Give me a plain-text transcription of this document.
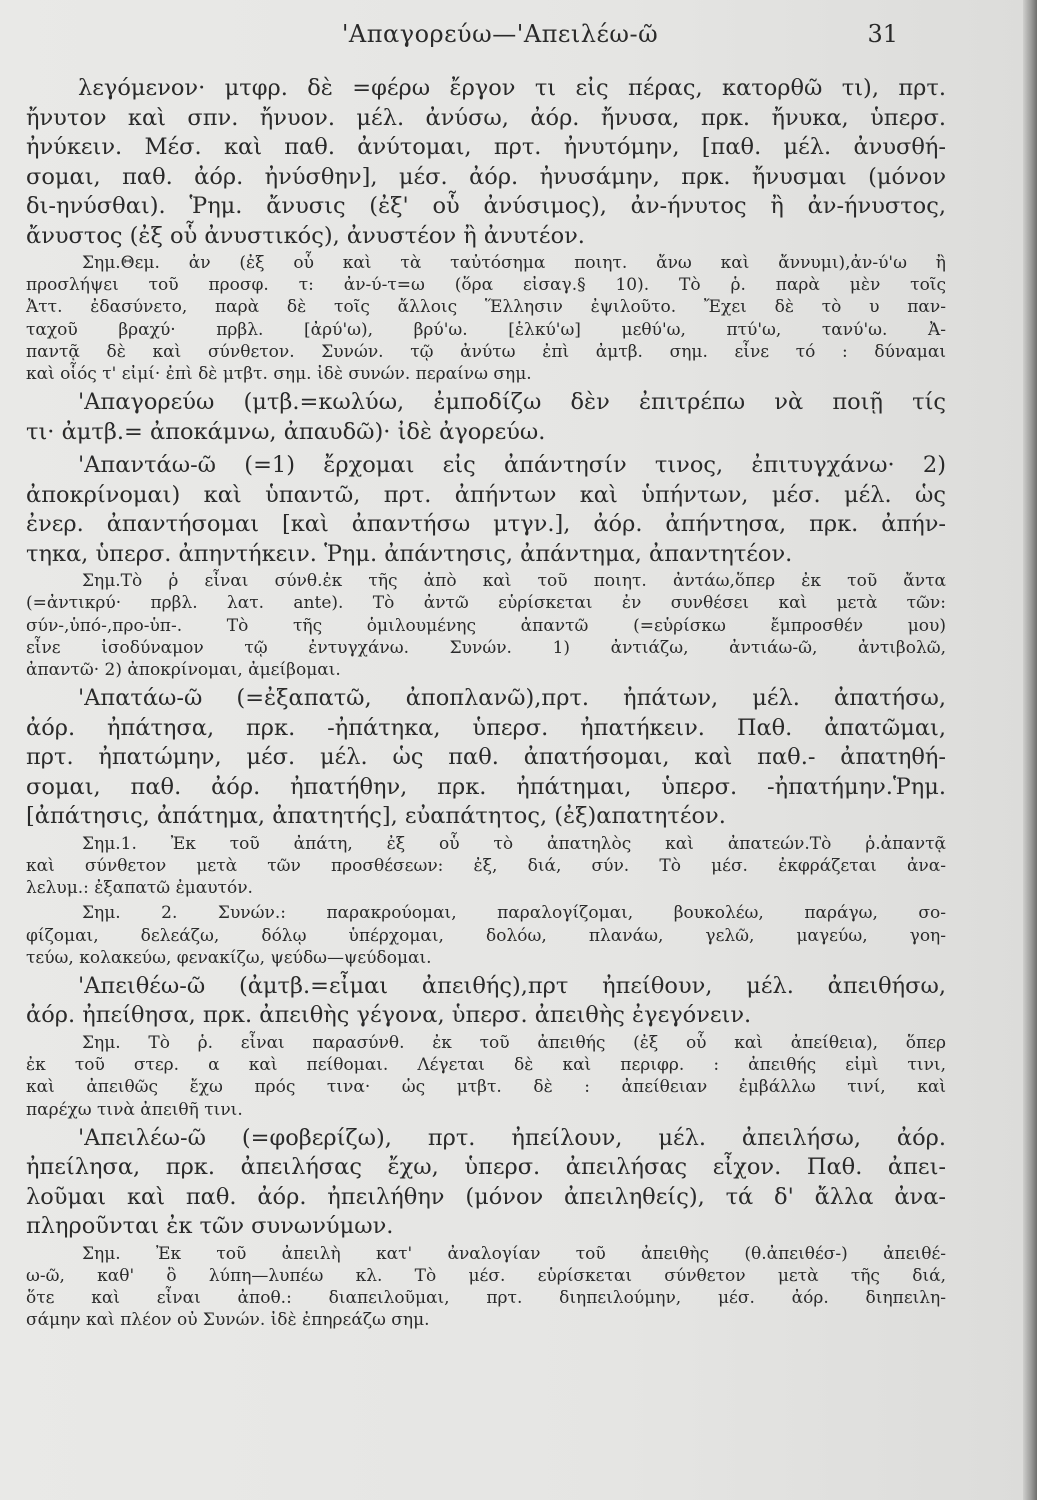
'Απαγορεύω—'Απειλέω-ῶ	31
λεγόμενον· μτφρ. δὲ =φέρω ἔργον τι εἰς πέρας, κατορθῶ τι), πρτ.
ἤνυτον καὶ σπν. ἤνυον. μέλ. ἀνύσω, ἀόρ. ἤνυσα, πρκ. ἤνυκα, ὑπερσ.
ἠνύκειν. Μέσ. καὶ παθ. ἀνύτομαι, πρτ. ἠνυτόμην, [παθ. μέλ. ἀνυσθή-
σομαι, παθ. ἀόρ. ἠνύσθην], μέσ. ἀόρ. ἠνυσάμην, πρκ. ἤνυσμαι (μόνον
δι-ηνύσθαι). Ῥημ. ἄνυσις (ἐξ' οὗ ἀνύσιμος), ἀν-ήνυτος ἢ ἀν-ήνυστος,
ἄνυστος (ἐξ οὗ ἀνυστικός), ἀνυστέον ἢ ἀνυτέον.
Σημ.Θεμ. ἀν (ἐξ οὗ καὶ τὰ ταὐτόσημα ποιητ. ἄνω καὶ ἄννυμι),ἀν-ύ'ω ἢ
προσλήψει τοῦ προσφ. τ: ἀν-ύ-τ=ω (ὅρα εἰσαγ.§ 10). Τὸ ῥ. παρὰ μὲν τοῖς
Ἀττ. ἐδασύνετο, παρὰ δὲ τοῖς ἄλλοις Ἕλλησιν ἐψιλοῦτο. Ἔχει δὲ τὸ υ παν-
ταχοῦ βραχύ· πρβλ. [ἀρύ'ω), βρύ'ω. [ἑλκύ'ω] μεθύ'ω, πτύ'ω, τανύ'ω. Ἀ-
παντᾷ δὲ καὶ σύνθετον. Συνών. τῷ ἀνύτω ἐπὶ ἀμτβ. σημ. εἶνε τό : δύναμαι
καὶ οἷός τ' εἰμί· ἐπὶ δὲ μτβτ. σημ. ἰδὲ συνών. περαίνω σημ.
'Απαγορεύω (μτβ.=κωλύω, ἐμποδίζω δὲν ἐπιτρέπω νὰ ποιῇ τίς
τι· ἀμτβ.= ἀποκάμνω, ἀπαυδῶ)· ἰδὲ ἀγορεύω.
'Απαντάω-ῶ (=1) ἔρχομαι εἰς ἀπάντησίν τινος, ἐπιτυγχάνω· 2)
ἀποκρίνομαι) καὶ ὑπαντῶ, πρτ. ἀπήντων καὶ ὑπήντων, μέσ. μέλ. ὡς
ἐνερ. ἀπαντήσομαι [καὶ ἀπαντήσω μτγν.], ἀόρ. ἀπήντησα, πρκ. ἀπήν-
τηκα, ὑπερσ. ἀπηντήκειν. Ῥημ. ἀπάντησις, ἀπάντημα, ἀπαντητέον.
Σημ.Τὸ ῥ εἶναι σύνθ.ἐκ τῆς ἀπὸ καὶ τοῦ ποιητ. ἀντάω,ὅπερ ἐκ τοῦ ἄντα
(=ἀντικρύ· πρβλ. λατ. ante). Τὸ ἀντῶ εὑρίσκεται ἐν συνθέσει καὶ μετὰ τῶν:
σύν-,ὑπό-,προ-ὑπ-. Τὸ τῆς ὁμιλουμένης ἀπαντῶ (=εὑρίσκω ἔμπροσθέν μου)
εἶνε ἰσοδύναμον τῷ ἐντυγχάνω. Συνών. 1) ἀντιάζω, ἀντιάω-ῶ, ἀντιβολῶ,
ἀπαντῶ· 2) ἀποκρίνομαι, ἀμείβομαι.
'Απατάω-ῶ (=ἐξαπατῶ, ἀποπλανῶ),πρτ. ἠπάτων, μέλ. ἀπατήσω,
ἀόρ. ἠπάτησα, πρκ. -ἠπάτηκα, ὑπερσ. ἠπατήκειν. Παθ. ἀπατῶμαι,
πρτ. ἠπατώμην, μέσ. μέλ. ὡς παθ. ἀπατήσομαι, καὶ παθ.- ἀπατηθή-
σομαι, παθ. ἀόρ. ἠπατήθην, πρκ. ἠπάτημαι, ὑπερσ. -ἠπατήμην.Ῥημ.
[ἀπάτησις, ἀπάτημα, ἀπατητής], εὐαπάτητος, (ἐξ)απατητέον.
Σημ.1. Ἐκ τοῦ ἀπάτη, ἐξ οὗ τὸ ἀπατηλὸς καὶ ἀπατεών.Τὸ ῥ.ἀπαντᾷ
καὶ σύνθετον μετὰ τῶν προσθέσεων: ἐξ, διά, σύν. Τὸ μέσ. ἐκφράζεται ἀνα-
λελυμ.: ἐξαπατῶ ἐμαυτόν.
Σημ. 2. Συνών.: παρακρούομαι, παραλογίζομαι, βουκολέω, παράγω, σο-
φίζομαι, δελεάζω, δόλῳ ὑπέρχομαι, δολόω, πλανάω, γελῶ, μαγεύω, γοη-
τεύω, κολακεύω, φενακίζω, ψεύδω—ψεύδομαι.
'Απειθέω-ῶ (ἀμτβ.=εἶμαι ἀπειθής),πρτ ἠπείθουν, μέλ. ἀπειθήσω,
ἀόρ. ἠπείθησα, πρκ. ἀπειθὴς γέγονα, ὑπερσ. ἀπειθὴς ἐγεγόνειν.
Σημ. Τὸ ῥ. εἶναι παρασύνθ. ἐκ τοῦ ἀπειθής (ἐξ οὗ καὶ ἀπείθεια), ὅπερ
ἐκ τοῦ στερ. α καὶ πείθομαι. Λέγεται δὲ καὶ περιφρ. : ἀπειθής εἰμὶ τινι,
καὶ ἀπειθῶς ἔχω πρός τινα· ὡς μτβτ. δὲ : ἀπείθειαν ἐμβάλλω τινί, καὶ
παρέχω τινὰ ἀπειθῆ τινι.
'Απειλέω-ῶ (=φοβερίζω), πρτ. ἠπείλουν, μέλ. ἀπειλήσω, ἀόρ.
ἠπείλησα, πρκ. ἀπειλήσας ἔχω, ὑπερσ. ἀπειλήσας εἶχον. Παθ. ἀπει-
λοῦμαι καὶ παθ. ἀόρ. ἠπειλήθην (μόνον ἀπειληθείς), τά δ' ἄλλα ἀνα-
πληροῦνται ἐκ τῶν συνωνύμων.
Σημ. Ἐκ τοῦ ἀπειλὴ κατ' ἀναλογίαν τοῦ ἀπειθὴς (θ.ἀπειθέσ-) ἀπειθέ-
ω-ῶ, καθ' ὃ λύπη—λυπέω κλ. Τὸ μέσ. εὑρίσκεται σύνθετον μετὰ τῆς διά,
ὅτε καὶ εἶναι ἀποθ.: διαπειλοῦμαι, πρτ. διηπειλούμην, μέσ. ἀόρ. διηπειλη-
σάμην καὶ πλέον οὐ Συνών. ἰδὲ ἐπηρεάζω σημ.
